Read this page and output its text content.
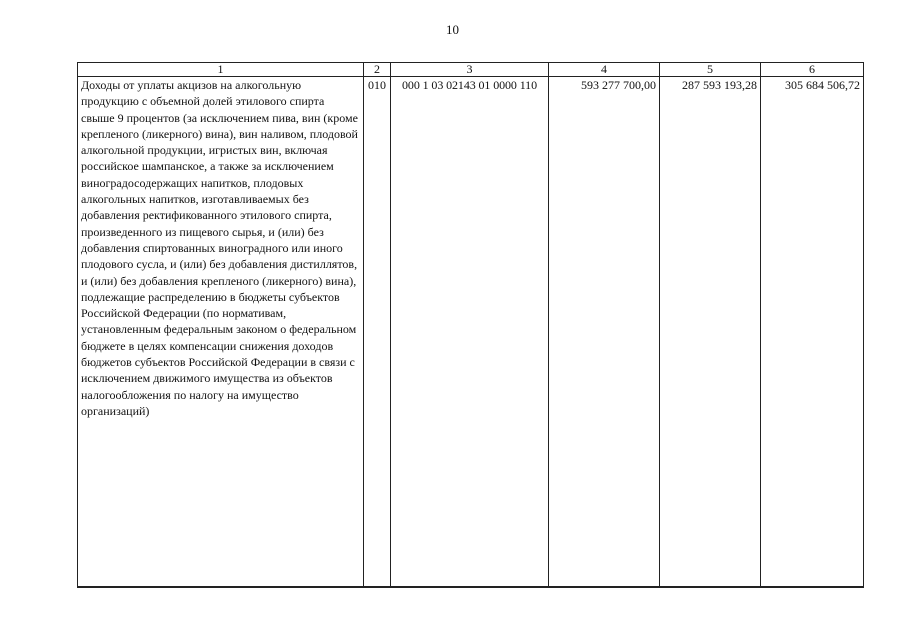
10
1	2	3	4	5	6
Доходы от уплаты акцизов на алкогольную продукцию с объемной долей этилового спирта свыше 9 процентов (за исключением пива, вин (кроме крепленого (ликерного) вина), вин наливом, плодовой алкогольной продукции, игристых вин, включая российское шампанское, а также за исключением виноградосодержащих напитков, плодовых алкогольных напитков, изготавливаемых без добавления ректификованного этилового спирта, произведенного из пищевого сырья, и (или) без добавления спиртованных виноградного или иного плодового сусла, и (или) без добавления дистиллятов, и (или) без добавления крепленого (ликерного) вина), подлежащие распределению в бюджеты субъектов Российской Федерации (по нормативам, установленным федеральным законом о федеральном бюджете в целях компенсации снижения доходов бюджетов субъектов Российской Федерации в связи с исключением движимого имущества из объектов налогообложения по налогу на имущество организаций)	010	000 1 03 02143 01 0000 110	593 277 700,00	287 593 193,28	305 684 506,72
